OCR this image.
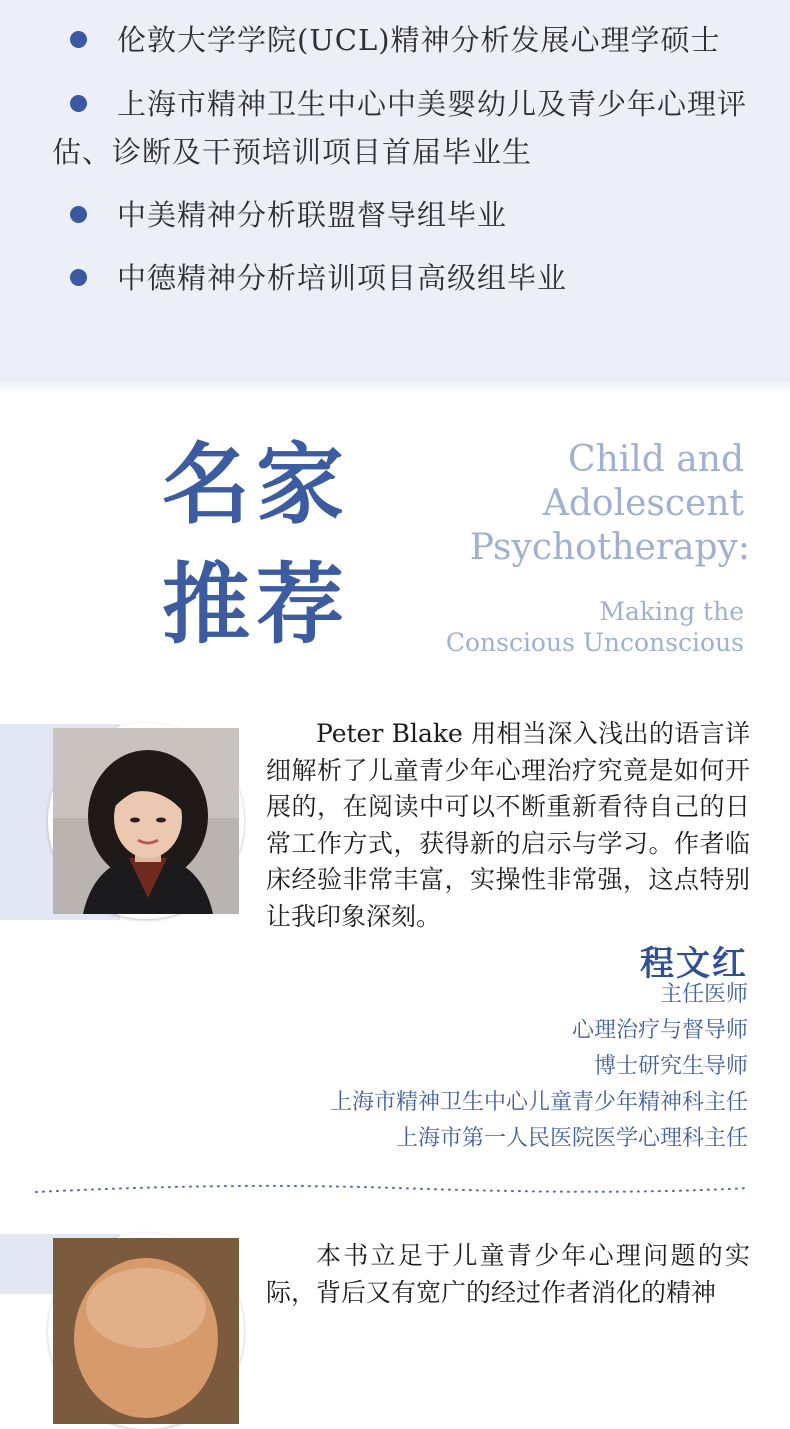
伦敦大学学院(UCL)精神分析发展心理学硕士
上海市精神卫生中心中美婴幼儿及青少年心理评估、诊断及干预培训项目首届毕业生
中美精神分析联盟督导组毕业
中德精神分析培训项目高级组毕业
名家
推荐
Child and
Adolescent
Psychotherapy:
Making the
Conscious Unconscious

Peter Blake 用相当深入浅出的语言详细解析了儿童青少年心理治疗究竟是如何开展的，在阅读中可以不断重新看待自己的日常工作方式，获得新的启示与学习。作者临床经验非常丰富，实操性非常强，这点特别让我印象深刻。

程文红
主任医师
心理治疗与督导师
博士研究生导师
上海市精神卫生中心儿童青少年精神科主任
上海市第一人民医院医学心理科主任
本书立足于儿童青少年心理问题的实际，背后又有宽广的经过作者消化的精神
